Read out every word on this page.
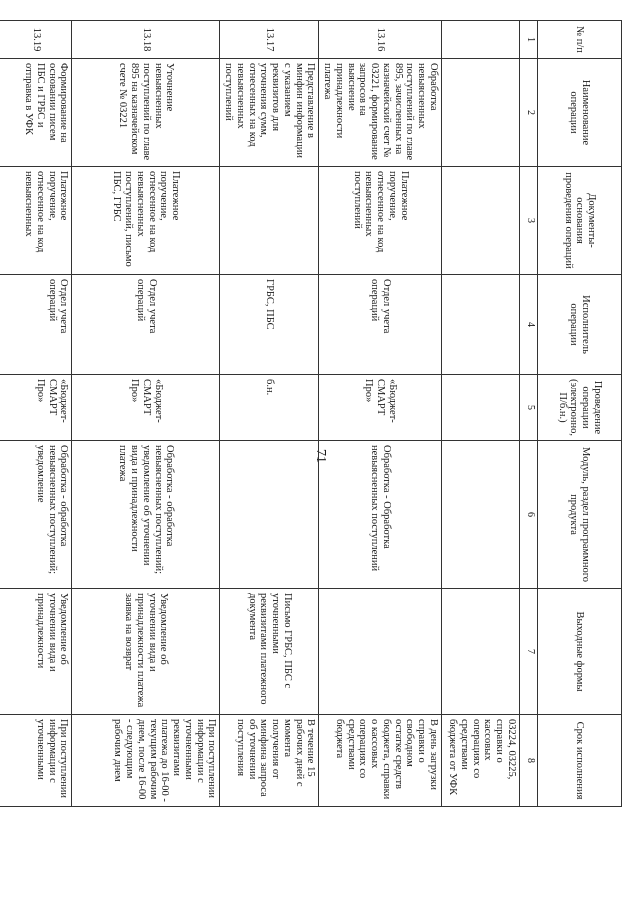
71
№ п/п	Наименование операции	Документы-основания проведения операций	Исполнитель операции	Проведение операции (электронно, П/б.н.)	Модуль, раздел программного продукта	Выходные формы	Срок исполнения
1	2	3	4	5	6	7	8
							03224, 03225, справки о кассовых операциях со средствами бюджета от УФК
13.16	Обработка невыясненных поступлений по главе 895, зачисленных на казначейский счет № 03221, формирование запросов на выяснение принадлежности платежа	Платежное поручение, отнесенное на код невыясненных поступлений	Отдел учета операций	«Бюджет-СМАРТ Про»	Обработка - Обработка невыясненных поступлений		В день загрузки справки о свободном остатке средств бюджета, справки о кассовых операциях со средствами бюджета
13.17	Представление в минфин информации с указанием реквизитов для уточнения сумм, отнесенных на код невыясненных поступлений		ГРБС, ПБС	б.н.		Письмо ГРБС, ПБС с уточненными реквизитами платежного документа	В течение 15 рабочих дней с момента получения от минфина запроса об уточнении поступления
13.18	Уточнение невыясненных поступлений по главе 895 на казначейском счете № 03221	Платежное поручение, отнесенное на код невыясненных поступлений, письмо ПБС, ГРБС	Отдел учета операций	«Бюджет-СМАРТ Про»	Обработка - обработка невыясненных поступлений; уведомление об уточнении вида и принадлежности платежа	Уведомление об уточнении вида и принадлежности платежа заявка на возврат	При поступлении информации с уточненными реквизитами платежа до 16-00 - текущим рабочим днем, после 16-00 - следующим рабочим днем
13.19	Формирование на основании писем ПБС и ГРБС и отправка в УФК	Платежное поручение, отнесенное на код невыясненных	Отдел учета операций	«Бюджет-СМАРТ Про»	Обработка - обработка невыясненных поступлений; уведомление	Уведомление об уточнении вида и принадлежности	При поступлении информации с уточненными
